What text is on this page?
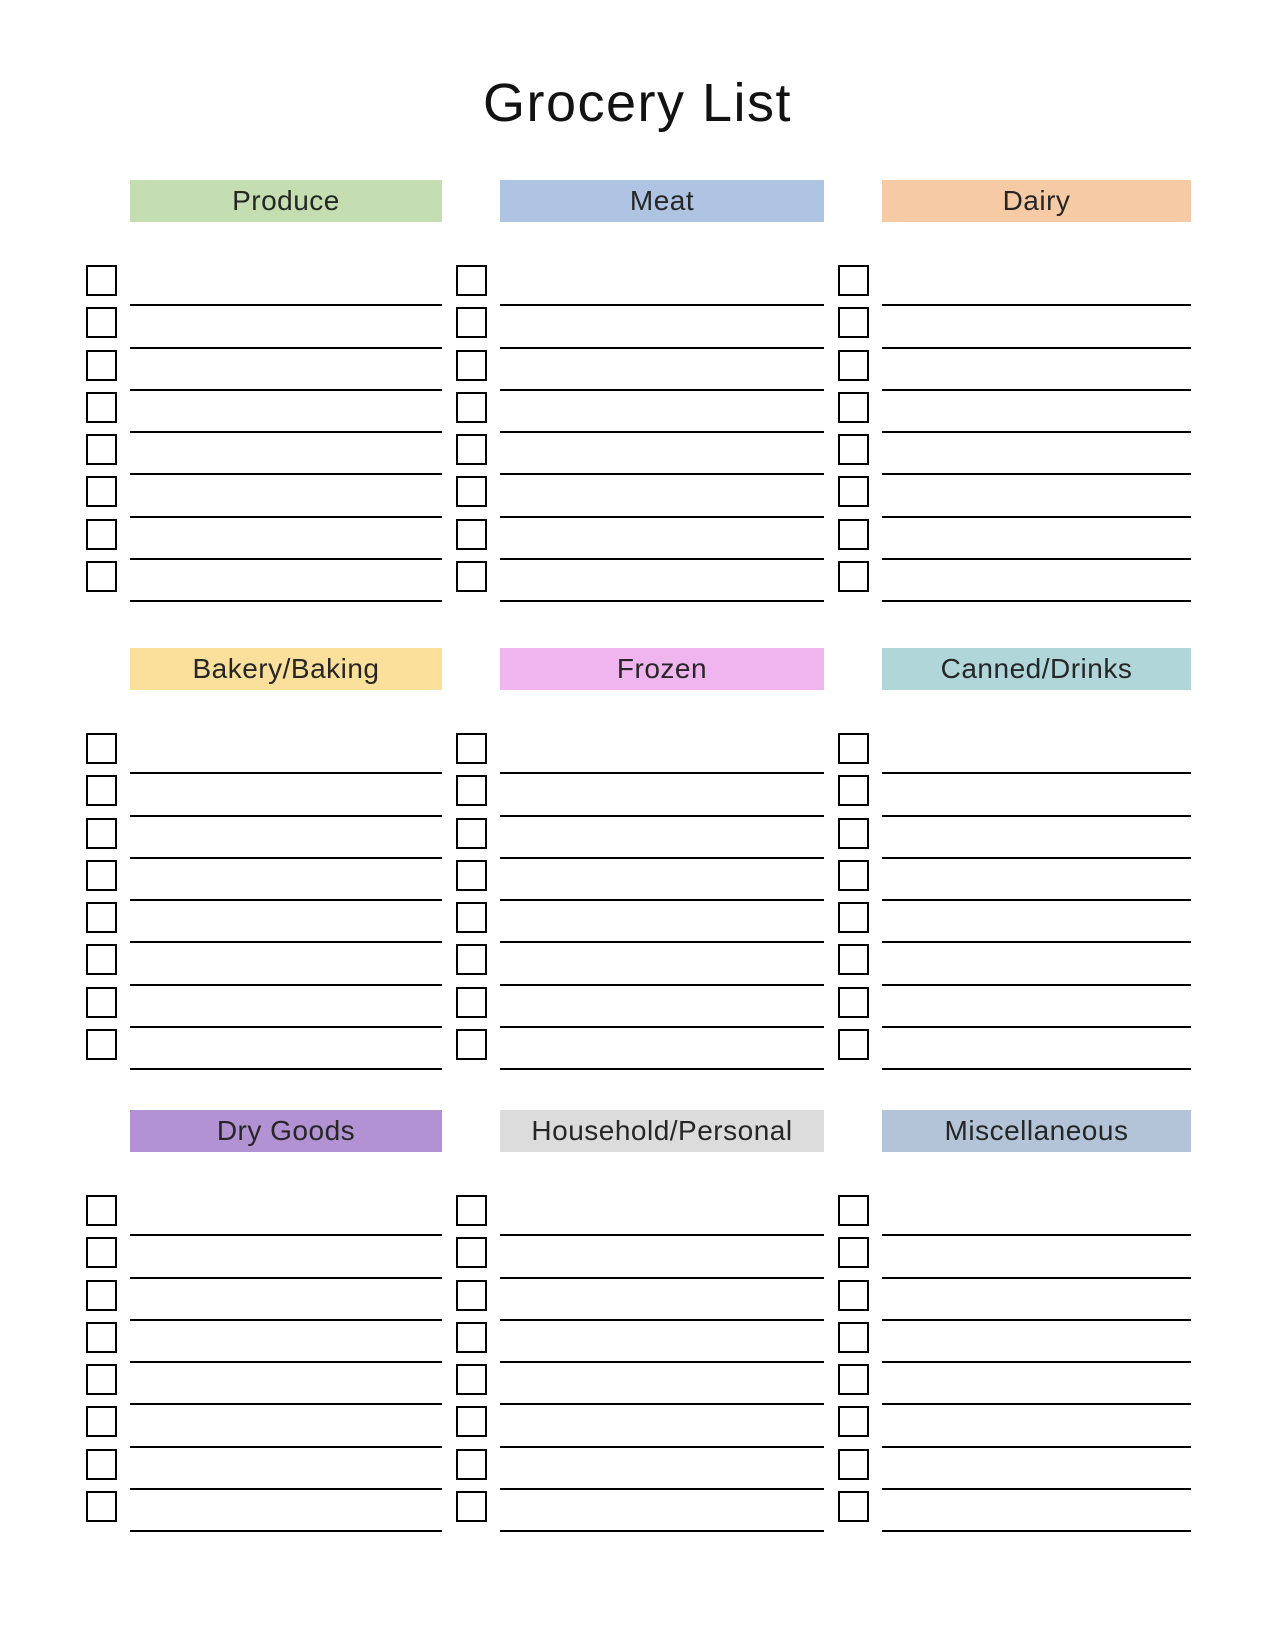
Grocery List
Produce	Meat	Dairy
Bakery/Baking	Frozen	Canned/Drinks
Dry Goods	Household/Personal	Miscellaneous
